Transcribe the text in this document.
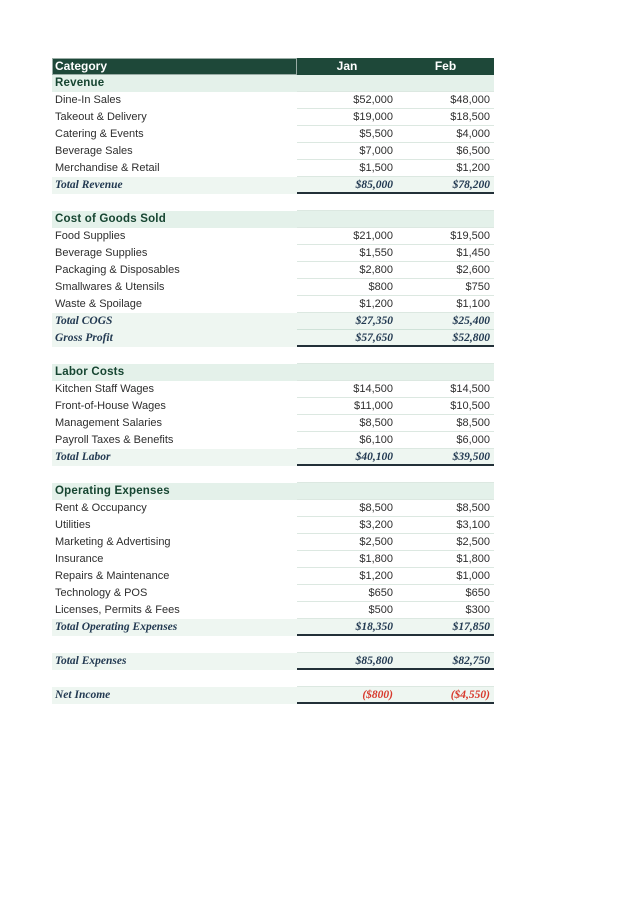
Category	Jan	Feb
Revenue
Dine-In Sales	$52,000	$48,000
Takeout & Delivery	$19,000	$18,500
Catering & Events	$5,500	$4,000
Beverage Sales	$7,000	$6,500
Merchandise & Retail	$1,500	$1,200
Total Revenue	$85,000	$78,200
Cost of Goods Sold
Food Supplies	$21,000	$19,500
Beverage Supplies	$1,550	$1,450
Packaging & Disposables	$2,800	$2,600
Smallwares & Utensils	$800	$750
Waste & Spoilage	$1,200	$1,100
Total COGS	$27,350	$25,400
Gross Profit	$57,650	$52,800
Labor Costs
Kitchen Staff Wages	$14,500	$14,500
Front-of-House Wages	$11,000	$10,500
Management Salaries	$8,500	$8,500
Payroll Taxes & Benefits	$6,100	$6,000
Total Labor	$40,100	$39,500
Operating Expenses
Rent & Occupancy	$8,500	$8,500
Utilities	$3,200	$3,100
Marketing & Advertising	$2,500	$2,500
Insurance	$1,800	$1,800
Repairs & Maintenance	$1,200	$1,000
Technology & POS	$650	$650
Licenses, Permits & Fees	$500	$300
Total Operating Expenses	$18,350	$17,850
Total Expenses	$85,800	$82,750
Net Income	($800)	($4,550)
